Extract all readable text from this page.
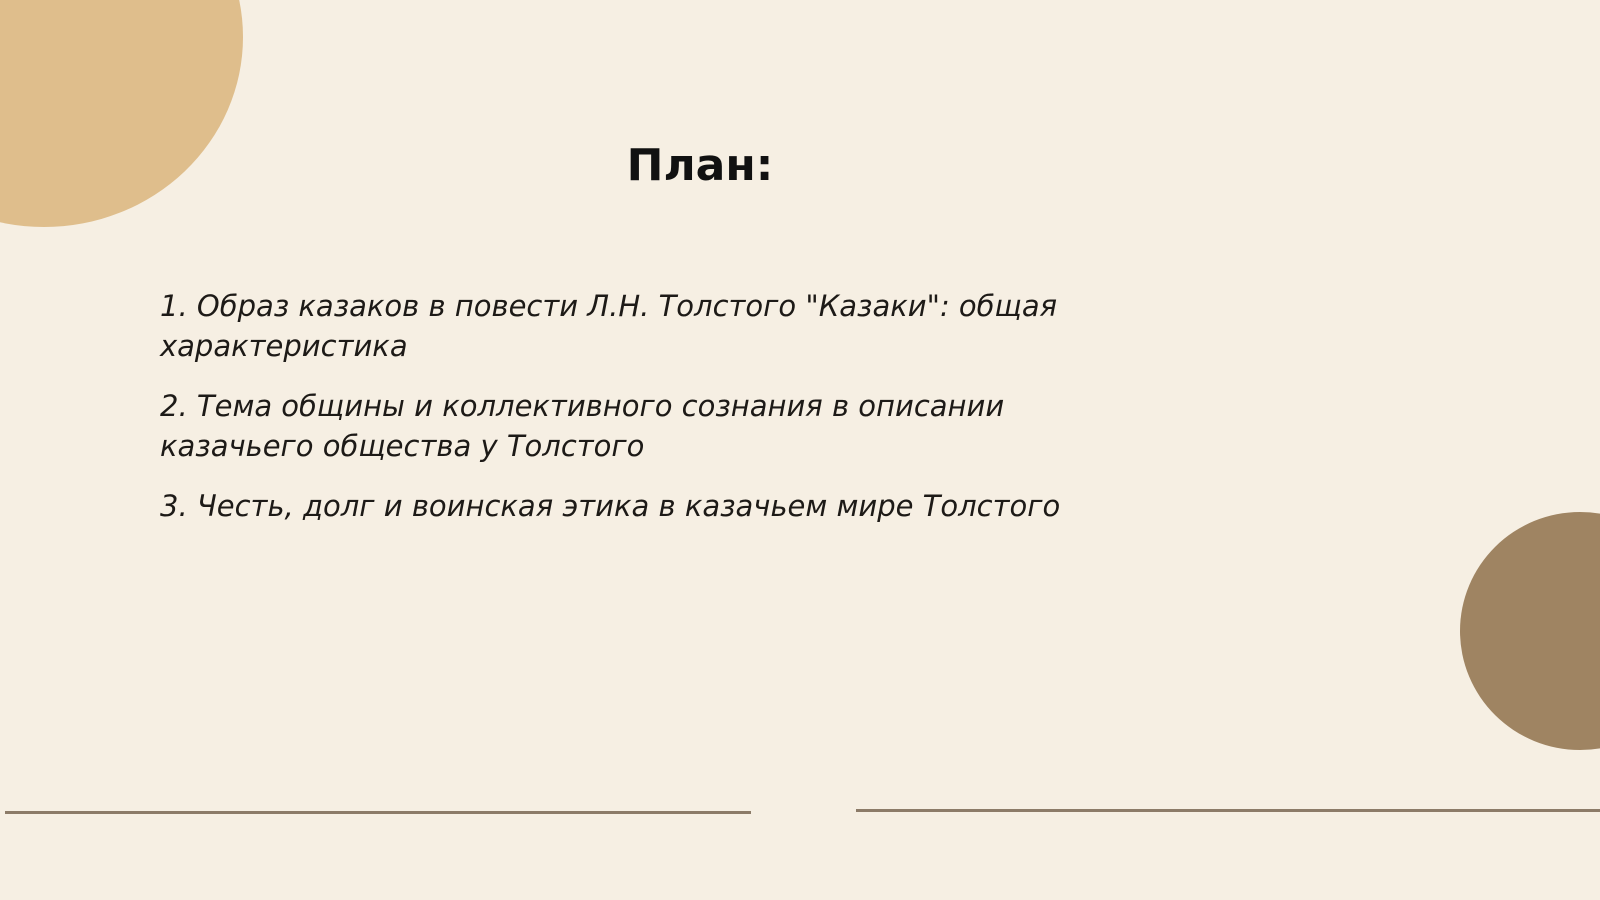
План:
1. Образ казаков в повести Л.Н. Толстого "Казаки": общая характеристика
2. Тема общины и коллективного сознания в описании казачьего общества у Толстого
3. Честь, долг и воинская этика в казачьем мире Толстого
